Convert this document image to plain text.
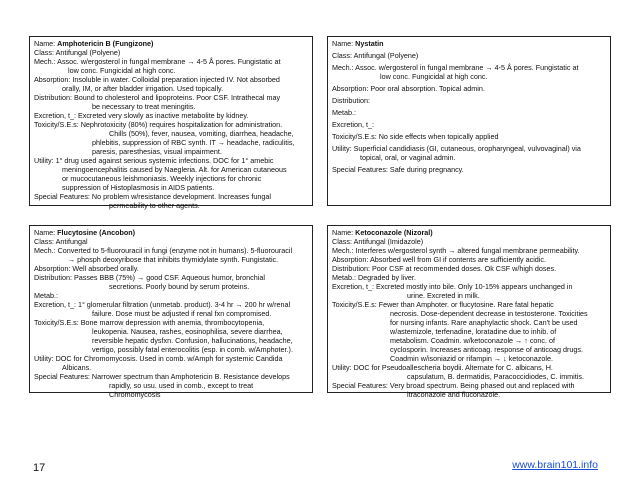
Name: Amphotericin B (Fungizone)
Class: Antifungal (Polyene)
Mech.: Assoc. w/ergosterol in fungal membrane → 4-5 Å pores. Fungistatic at
low conc. Fungicidal at high conc.
Absorption: Insoluble in water. Colloidal preparation injected IV. Not absorbed
orally, IM, or after bladder irrigation. Used topically.
Distribution: Bound to cholesterol and lipoproteins. Poor CSF. Intrathecal may
be necessary to treat meningitis.
Excretion, t_: Excreted very slowly as inactive metabolite by kidney.
Toxicity/S.E.s: Nephrotoxicity (80%) requires hospitalization for administration.
Chills (50%), fever, nausea, vomiting, diarrhea, headache,
phlebitis, suppression of RBC synth. IT → headache, radiculitis,
paresis, paresthesias, visual impairment.
Utility: 1° drug used against serious systemic infections. DOC for 1° amebic
meningoencephalitis caused by Naegleria. Alt. for American cutaneous
or mucocutaneous leishmoniasis. Weekly injections for chronic
suppression of Histoplasmosis in AIDS patients.
Special Features: No problem w/resistance development. Increases fungal
permeability to other agents.
Name: Nystatin
Class: Antifungal (Polyene)
Mech.: Assoc. w/ergosterol in fungal membrane → 4-5 Å pores. Fungistatic at
low conc. Fungicidal at high conc.
Absorption: Poor oral absorption. Topical admin.
Distribution:
Metab.:
Excretion, t_:
Toxicity/S.E.s: No side effects when topically applied
Utility: Superficial candidiasis (GI, cutaneous, oropharyngeal, vulvovaginal) via
topical, oral, or vaginal admin.
Special Features: Safe during pregnancy.
Name: Flucytosine (Ancobon)
Class: Antifungal
Mech.: Converted to 5-fluorouracil in fungi (enzyme not in humans). 5-fluorouracil
→ phosph deoxyribose that inhibits thymidylate synth. Fungistatic.
Absorption: Well absorbed orally.
Distribution: Passes BBB (75%) → good CSF. Aqueous humor, bronchial
secretions. Poorly bound by serum proteins.
Metab.:
Excretion, t_: 1° glomerular filtration (unmetab. product). 3-4 hr → 200 hr w/renal
failure. Dose must be adjusted if renal fxn compromised.
Toxicity/S.E.s: Bone marrow depression with anemia, thrombocytopenia,
leukopenia. Nausea, rashes, eosinophilisa, severe diarrhea,
reversible hepatic dysfxn. Confusion, hallucinations, headache,
vertigo, possibly fatal enterocolitis (esp. in comb. w/Amphoter.).
Utility: DOC for Chromomycosis. Used in comb. w/Amph for systemic Candida
Albicans.
Special Features: Narrower spectrum than Amphotericin B. Resistance develops
rapidly, so usu. used in comb., except to treat
Chromomycosis
Name: Ketoconazole (Nizoral)
Class: Antifungal (Imidazole)
Mech.: Interferes w/ergosterol synth → altered fungal membrane permeability.
Absorption: Absorbed well from GI if contents are sufficiently acidic.
Distribution: Poor CSF at recommended doses. Ok CSF w/high doses.
Metab.: Degraded by liver.
Excretion, t_: Excreted mostly into bile. Only 10-15% appears unchanged in
urine. Excreted in milk.
Toxicity/S.E.s: Fewer than Amphoter. or flucytosine. Rare fatal hepatic
necrosis. Dose-dependent decrease in testosterone. Toxicities
for nursing infants. Rare anaphylactic shock. Can't be used
w/astemizole, terfenadine, loratadine due to inhib. of
metabolism. Coadmin. w/ketoconazole → ↑ conc. of
cyclosporin. Increases anticoag. response of anticoag drugs.
Coadmin w/isoniazid or rifampin → ↓ ketoconazole.
Utility: DOC for Pseudoallescheria boydii. Alternate for C. albicans, H.
capsulatum, B. dermatidis, Paracoccidiodes, C. immitis.
Special Features: Very broad spectrum. Being phased out and replaced with
itraconazole and fluconazole.
17	www.brain101.info
